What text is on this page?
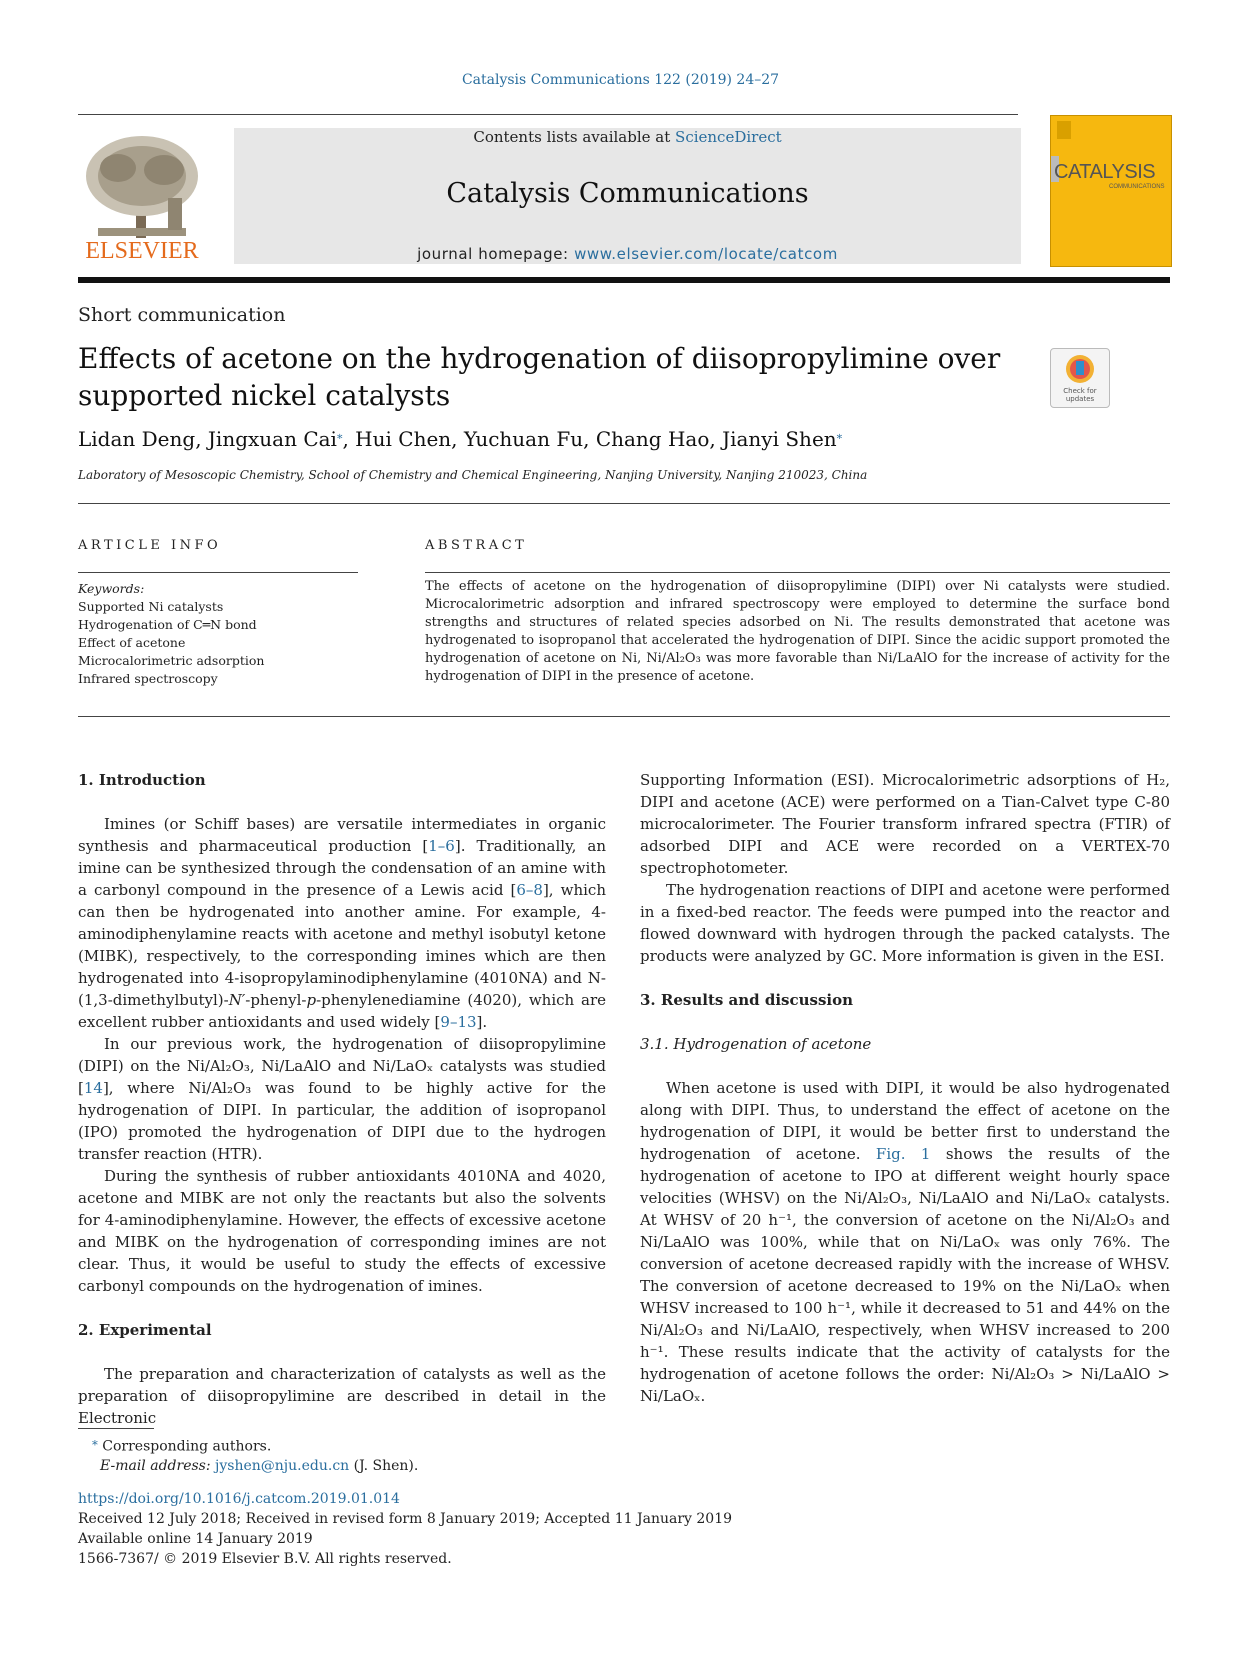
Catalysis Communications 122 (2019) 24–27
ELSEVIER
Contents lists available at ScienceDirect
Catalysis Communications
journal homepage: www.elsevier.com/locate/catcom
CATALYSIS
COMMUNICATIONS
Short communication
Effects of acetone on the hydrogenation of diisopropylimine over supported nickel catalysts	Check for updates
Lidan Deng, Jingxuan Cai⁎, Hui Chen, Yuchuan Fu, Chang Hao, Jianyi Shen⁎
Laboratory of Mesoscopic Chemistry, School of Chemistry and Chemical Engineering, Nanjing University, Nanjing 210023, China
ARTICLE INFO
Keywords:
Supported Ni catalysts
Hydrogenation of C═N bond
Effect of acetone
Microcalorimetric adsorption
Infrared spectroscopy
ABSTRACT
The effects of acetone on the hydrogenation of diisopropylimine (DIPI) over Ni catalysts were studied. Microcalorimetric adsorption and infrared spectroscopy were employed to determine the surface bond strengths and structures of related species adsorbed on Ni. The results demonstrated that acetone was hydrogenated to isopropanol that accelerated the hydrogenation of DIPI. Since the acidic support promoted the hydrogenation of acetone on Ni, Ni/Al₂O₃ was more favorable than Ni/LaAlO for the increase of activity for the hydrogenation of DIPI in the presence of acetone.
1. Introduction

Imines (or Schiff bases) are versatile intermediates in organic synthesis and pharmaceutical production [1–6]. Traditionally, an imine can be synthesized through the condensation of an amine with a carbonyl compound in the presence of a Lewis acid [6–8], which can then be hydrogenated into another amine. For example, 4-aminodiphenylamine reacts with acetone and methyl isobutyl ketone (MIBK), respectively, to the corresponding imines which are then hydrogenated into 4-isopropylaminodiphenylamine (4010NA) and N-(1,3-dimethylbutyl)-N′-phenyl-p-phenylenediamine (4020), which are excellent rubber antioxidants and used widely [9–13].

In our previous work, the hydrogenation of diisopropylimine (DIPI) on the Ni/Al₂O₃, Ni/LaAlO and Ni/LaOₓ catalysts was studied [14], where Ni/Al₂O₃ was found to be highly active for the hydrogenation of DIPI. In particular, the addition of isopropanol (IPO) promoted the hydrogenation of DIPI due to the hydrogen transfer reaction (HTR).

During the synthesis of rubber antioxidants 4010NA and 4020, acetone and MIBK are not only the reactants but also the solvents for 4-aminodiphenylamine. However, the effects of excessive acetone and MIBK on the hydrogenation of corresponding imines are not clear. Thus, it would be useful to study the effects of excessive carbonyl compounds on the hydrogenation of imines.

2. Experimental

The preparation and characterization of catalysts as well as the preparation of diisopropylimine are described in detail in the Electronic

Supporting Information (ESI). Microcalorimetric adsorptions of H₂, DIPI and acetone (ACE) were performed on a Tian-Calvet type C-80 microcalorimeter. The Fourier transform infrared spectra (FTIR) of adsorbed DIPI and ACE were recorded on a VERTEX-70 spectrophotometer.

The hydrogenation reactions of DIPI and acetone were performed in a fixed-bed reactor. The feeds were pumped into the reactor and flowed downward with hydrogen through the packed catalysts. The products were analyzed by GC. More information is given in the ESI.

3. Results and discussion
3.1. Hydrogenation of acetone

When acetone is used with DIPI, it would be also hydrogenated along with DIPI. Thus, to understand the effect of acetone on the hydrogenation of DIPI, it would be better first to understand the hydrogenation of acetone. Fig. 1 shows the results of the hydrogenation of acetone to IPO at different weight hourly space velocities (WHSV) on the Ni/Al₂O₃, Ni/LaAlO and Ni/LaOₓ catalysts. At WHSV of 20 h⁻¹, the conversion of acetone on the Ni/Al₂O₃ and Ni/LaAlO was 100%, while that on Ni/LaOₓ was only 76%. The conversion of acetone decreased rapidly with the increase of WHSV. The conversion of acetone decreased to 19% on the Ni/LaOₓ when WHSV increased to 100 h⁻¹, while it decreased to 51 and 44% on the Ni/Al₂O₃ and Ni/LaAlO, respectively, when WHSV increased to 200 h⁻¹. These results indicate that the activity of catalysts for the hydrogenation of acetone follows the order: Ni/Al₂O₃ > Ni/LaAlO > Ni/LaOₓ.

⁎ Corresponding authors.
E-mail address: jyshen@nju.edu.cn (J. Shen).
https://doi.org/10.1016/j.catcom.2019.01.014
Received 12 July 2018; Received in revised form 8 January 2019; Accepted 11 January 2019
Available online 14 January 2019
1566-7367/ © 2019 Elsevier B.V. All rights reserved.
